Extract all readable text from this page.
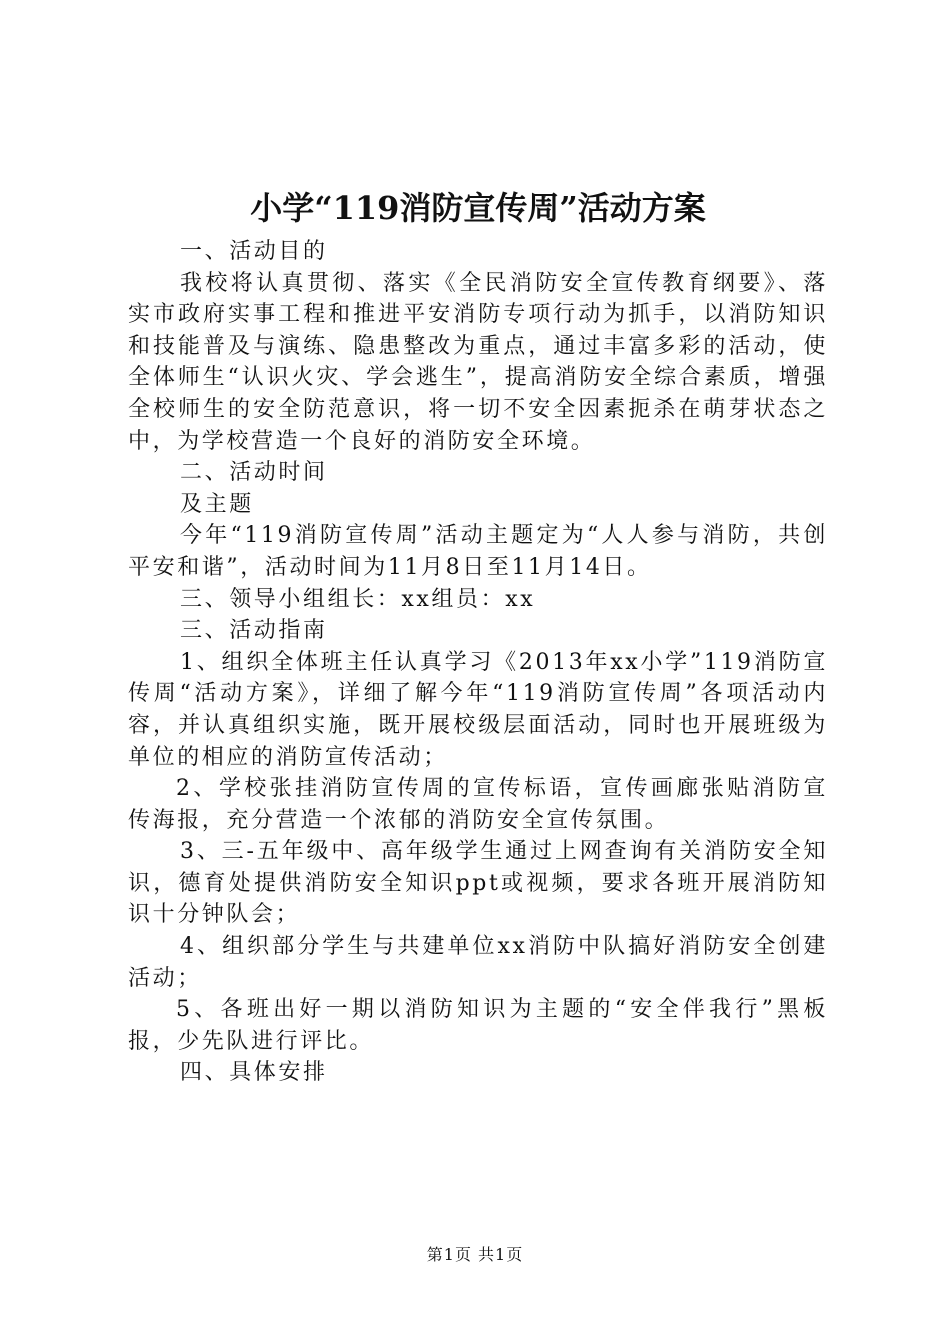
小学“119消防宣传周”活动方案

一、活动目的

我校将认真贯彻、落实《全民消防安全宣传教育纲要》、落实市政府实事工程和推进平安消防专项行动为抓手，以消防知识和技能普及与演练、隐患整改为重点，通过丰富多彩的活动，使全体师生“认识火灾、学会逃生”，提高消防安全综合素质，增强全校师生的安全防范意识，将一切不安全因素扼杀在萌芽状态之中，为学校营造一个良好的消防安全环境。

二、活动时间

及主题

今年“119消防宣传周”活动主题定为“人人参与消防，共创平安和谐”，活动时间为11月8日至11月14日。

三、领导小组组长：xx组员：xx

三、活动指南

1、组织全体班主任认真学习《2013年xx小学”119消防宣传周“活动方案》，详细了解今年“119消防宣传周”各项活动内容，并认真组织实施，既开展校级层面活动，同时也开展班级为单位的相应的消防宣传活动；

2、学校张挂消防宣传周的宣传标语，宣传画廊张贴消防宣传海报，充分营造一个浓郁的消防安全宣传氛围。

3、三-五年级中、高年级学生通过上网查询有关消防安全知识，德育处提供消防安全知识ppt或视频，要求各班开展消防知识十分钟队会；

4、组织部分学生与共建单位xx消防中队搞好消防安全创建活动；

5、各班出好一期以消防知识为主题的“安全伴我行”黑板报，少先队进行评比。

四、具体安排

第1页 共1页
